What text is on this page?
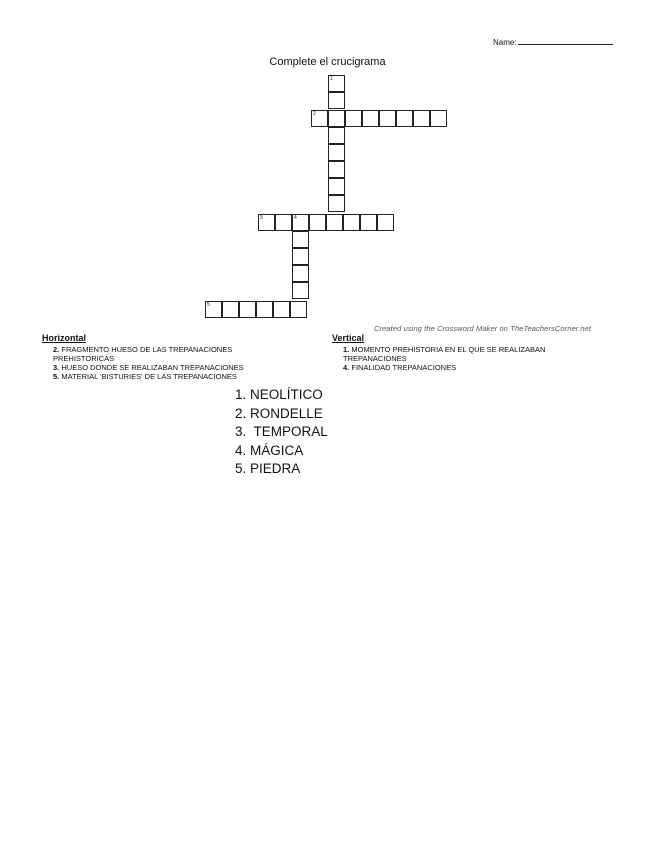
Name:
Complete el crucigrama
1
2
3	4
5
Created using the Crossword Maker on TheTeachersCorner.net
Horizontal
2. FRAGMENTO HUESO DE LAS TREPANACIONES PREHISTORICAS
3. HUESO DONDE SE REALIZABAN TREPANACIONES
5. MATERIAL 'BISTURIES' DE LAS TREPANACIONES
Vertical
1. MOMENTO PREHISTORIA EN EL QUE SE REALIZABAN TREPANACIONES
4. FINALIDAD TREPANACIONES
1. NEOLÍTICO
2. RONDELLE
3.  TEMPORAL
4. MÁGICA
5. PIEDRA
